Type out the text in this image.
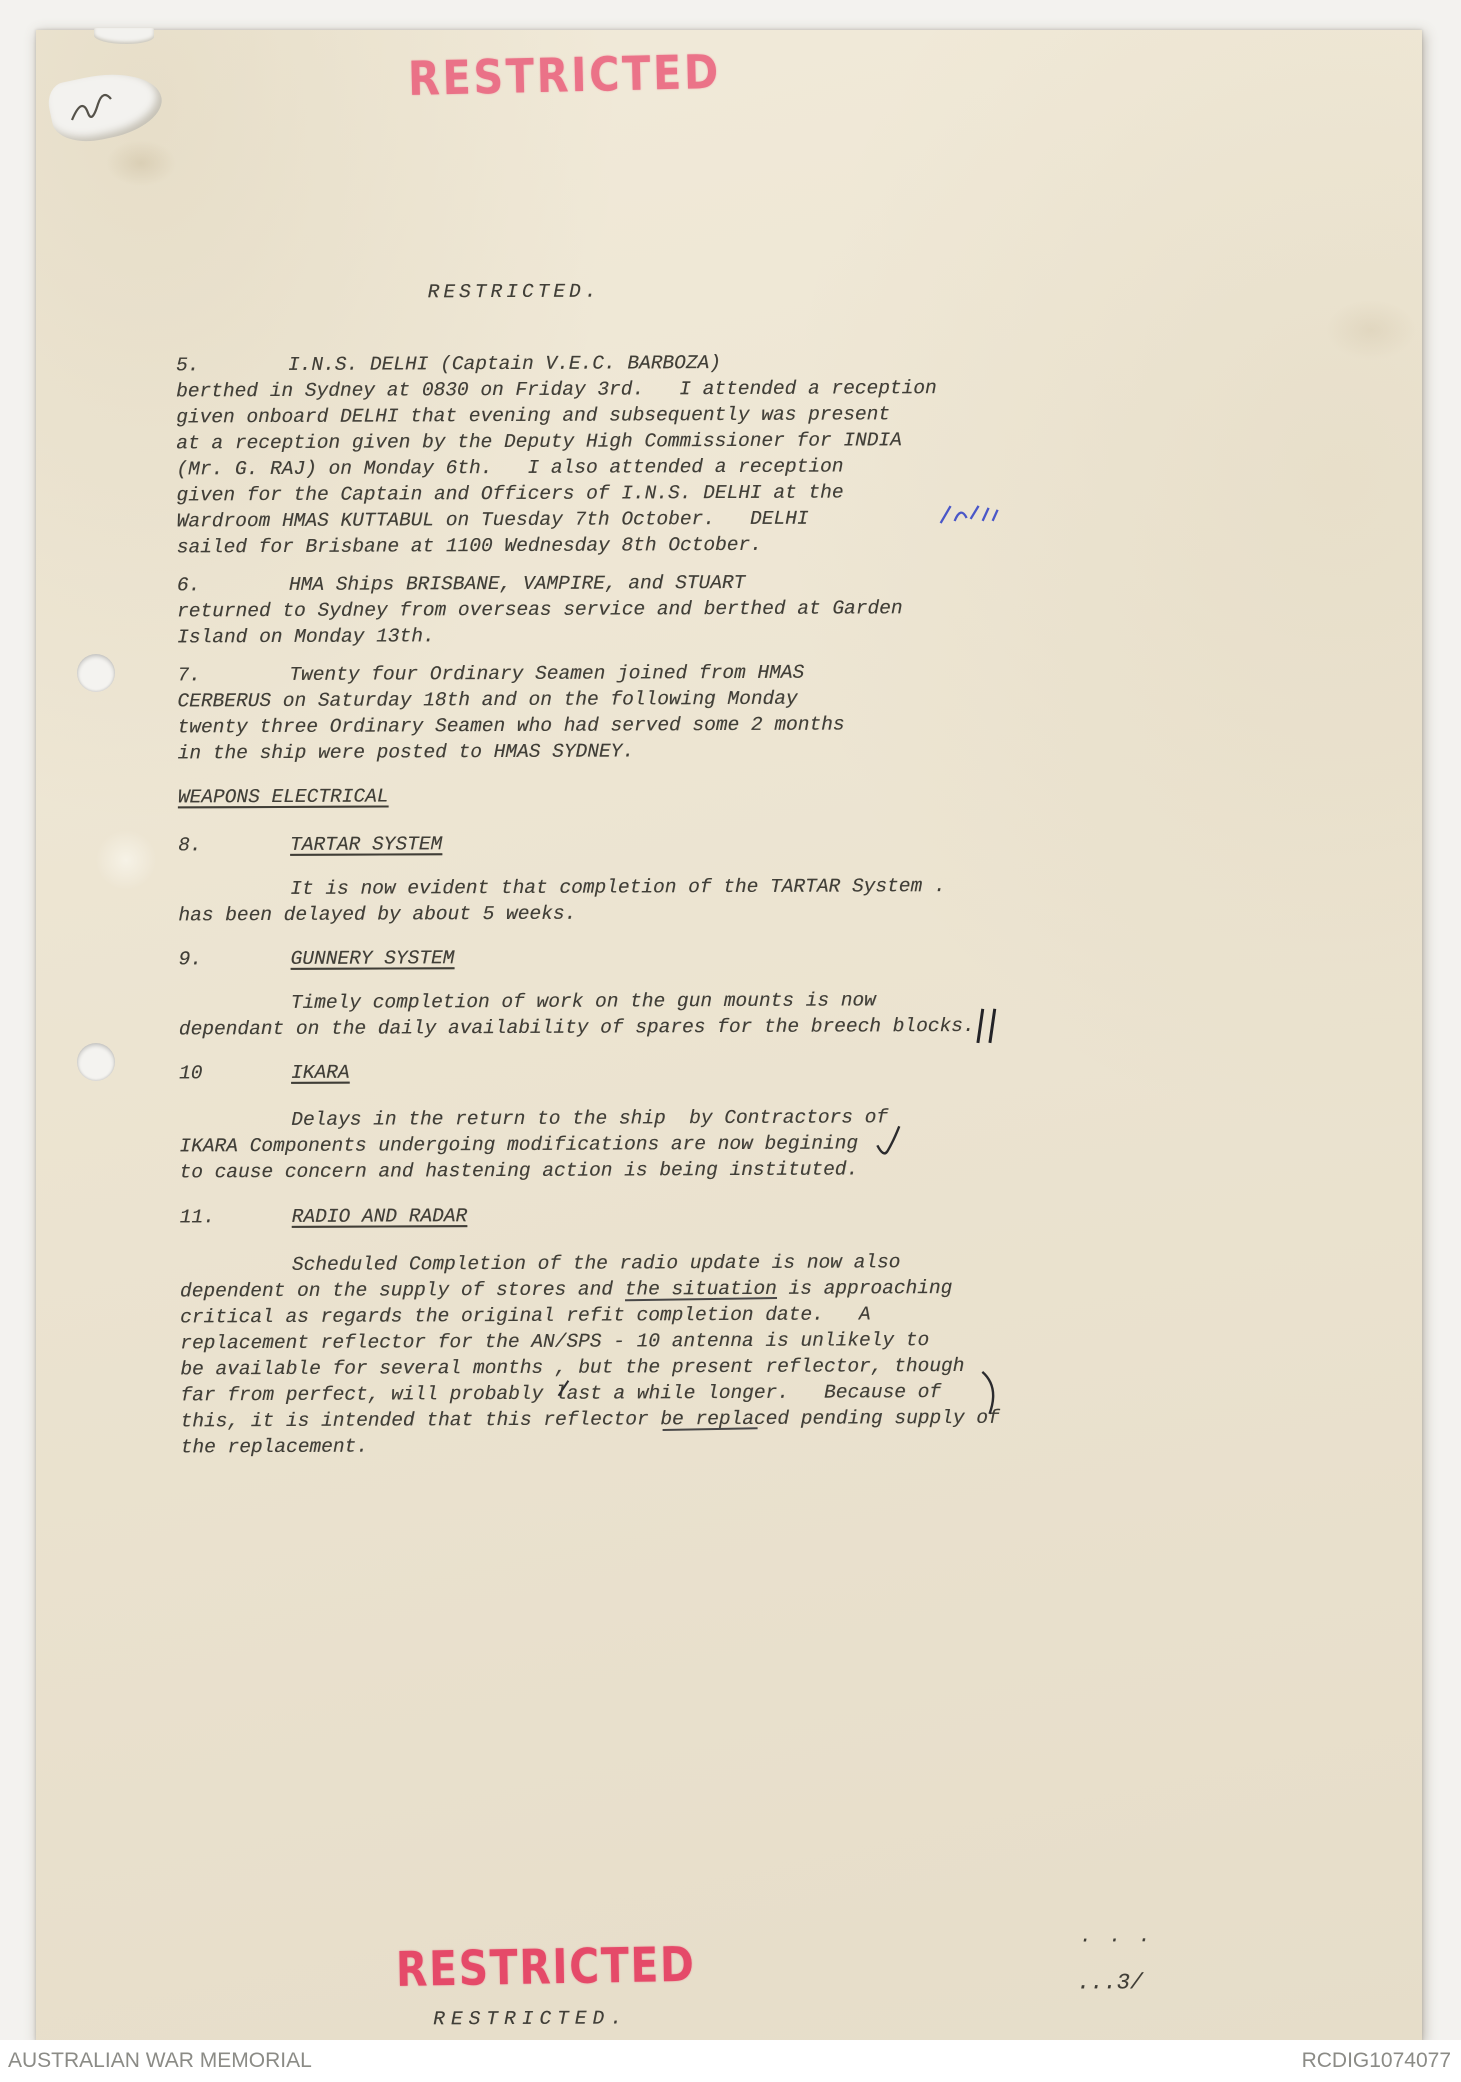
RESTRICTED
RESTRICTED
RESTRICTED.
5.	I.N.S. DELHI (Captain V.E.C. BARBOZA)
berthed in Sydney at 0830 on Friday 3rd.   I attended a reception
given onboard DELHI that evening and subsequently was present
at a reception given by the Deputy High Commissioner for INDIA
(Mr. G. RAJ) on Monday 6th.   I also attended a reception
given for the Captain and Officers of I.N.S. DELHI at the
Wardroom HMAS KUTTABUL on Tuesday 7th October.   DELHI
sailed for Brisbane at 1100 Wednesday 8th October.
6.	HMA Ships BRISBANE, VAMPIRE, and STUART
returned to Sydney from overseas service and berthed at Garden
Island on Monday 13th.
7.	Twenty four Ordinary Seamen joined from HMAS
CERBERUS on Saturday 18th and on the following Monday
twenty three Ordinary Seamen who had served some 2 months
in the ship were posted to HMAS SYDNEY.
WEAPONS ELECTRICAL
8.	TARTAR SYSTEM
It is now evident that completion of the TARTAR System .
has been delayed by about 5 weeks.
9.	GUNNERY SYSTEM
Timely completion of work on the gun mounts is now
dependant on the daily availability of spares for the breech blocks.
10	IKARA
Delays in the return to the ship  by Contractors of
IKARA Components undergoing modifications are now begining
to cause concern and hastening action is being instituted.
11.	RADIO AND RADAR
Scheduled Completion of the radio update is now also
dependent on the supply of stores and the situation is approaching
critical as regards the original refit completion date.   A
replacement reflector for the AN/SPS - 10 antenna is unlikely to
be available for several months , but the present reflector, though
far from perfect, will probably last a while longer.   Because of
this, it is intended that this reflector be replaced pending supply of
the replacement.
. . .
...3/
RESTRICTED.
AUSTRALIAN WAR MEMORIAL	RCDIG1074077
